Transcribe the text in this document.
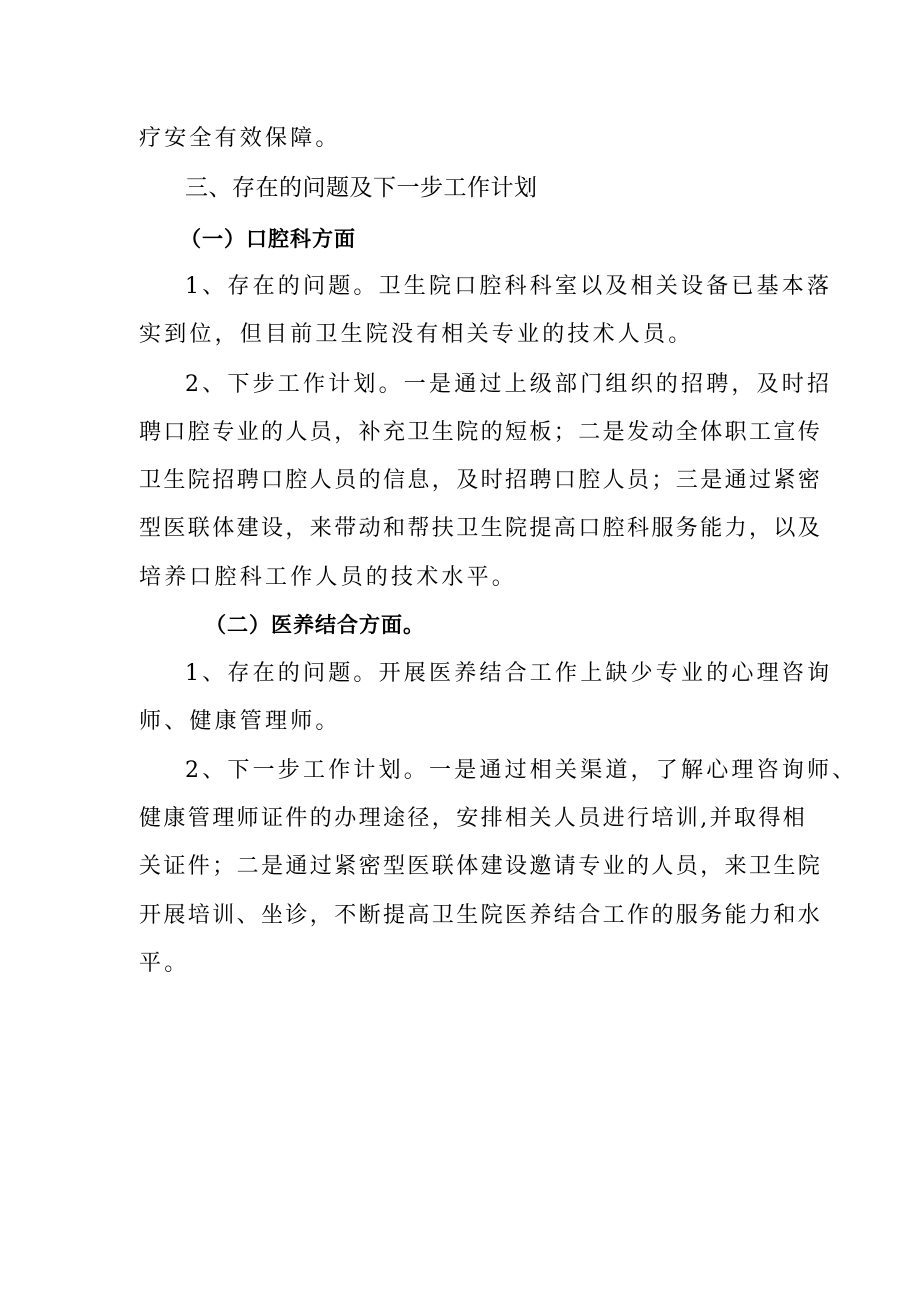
疗安全有效保障。
三、存在的问题及下一步工作计划
（一）口腔科方面
1、存在的问题。卫生院口腔科科室以及相关设备已基本落
实到位，但目前卫生院没有相关专业的技术人员。
2、下步工作计划。一是通过上级部门组织的招聘，及时招
聘口腔专业的人员，补充卫生院的短板；二是发动全体职工宣传
卫生院招聘口腔人员的信息，及时招聘口腔人员；三是通过紧密
型医联体建设，来带动和帮扶卫生院提高口腔科服务能力，以及
培养口腔科工作人员的技术水平。
（二）医养结合方面。
1、存在的问题。开展医养结合工作上缺少专业的心理咨询
师、健康管理师。
2、下一步工作计划。一是通过相关渠道，了解心理咨询师、
健康管理师证件的办理途径，安排相关人员进行培训,并取得相
关证件；二是通过紧密型医联体建设邀请专业的人员，来卫生院
开展培训、坐诊，不断提高卫生院医养结合工作的服务能力和水
平。
